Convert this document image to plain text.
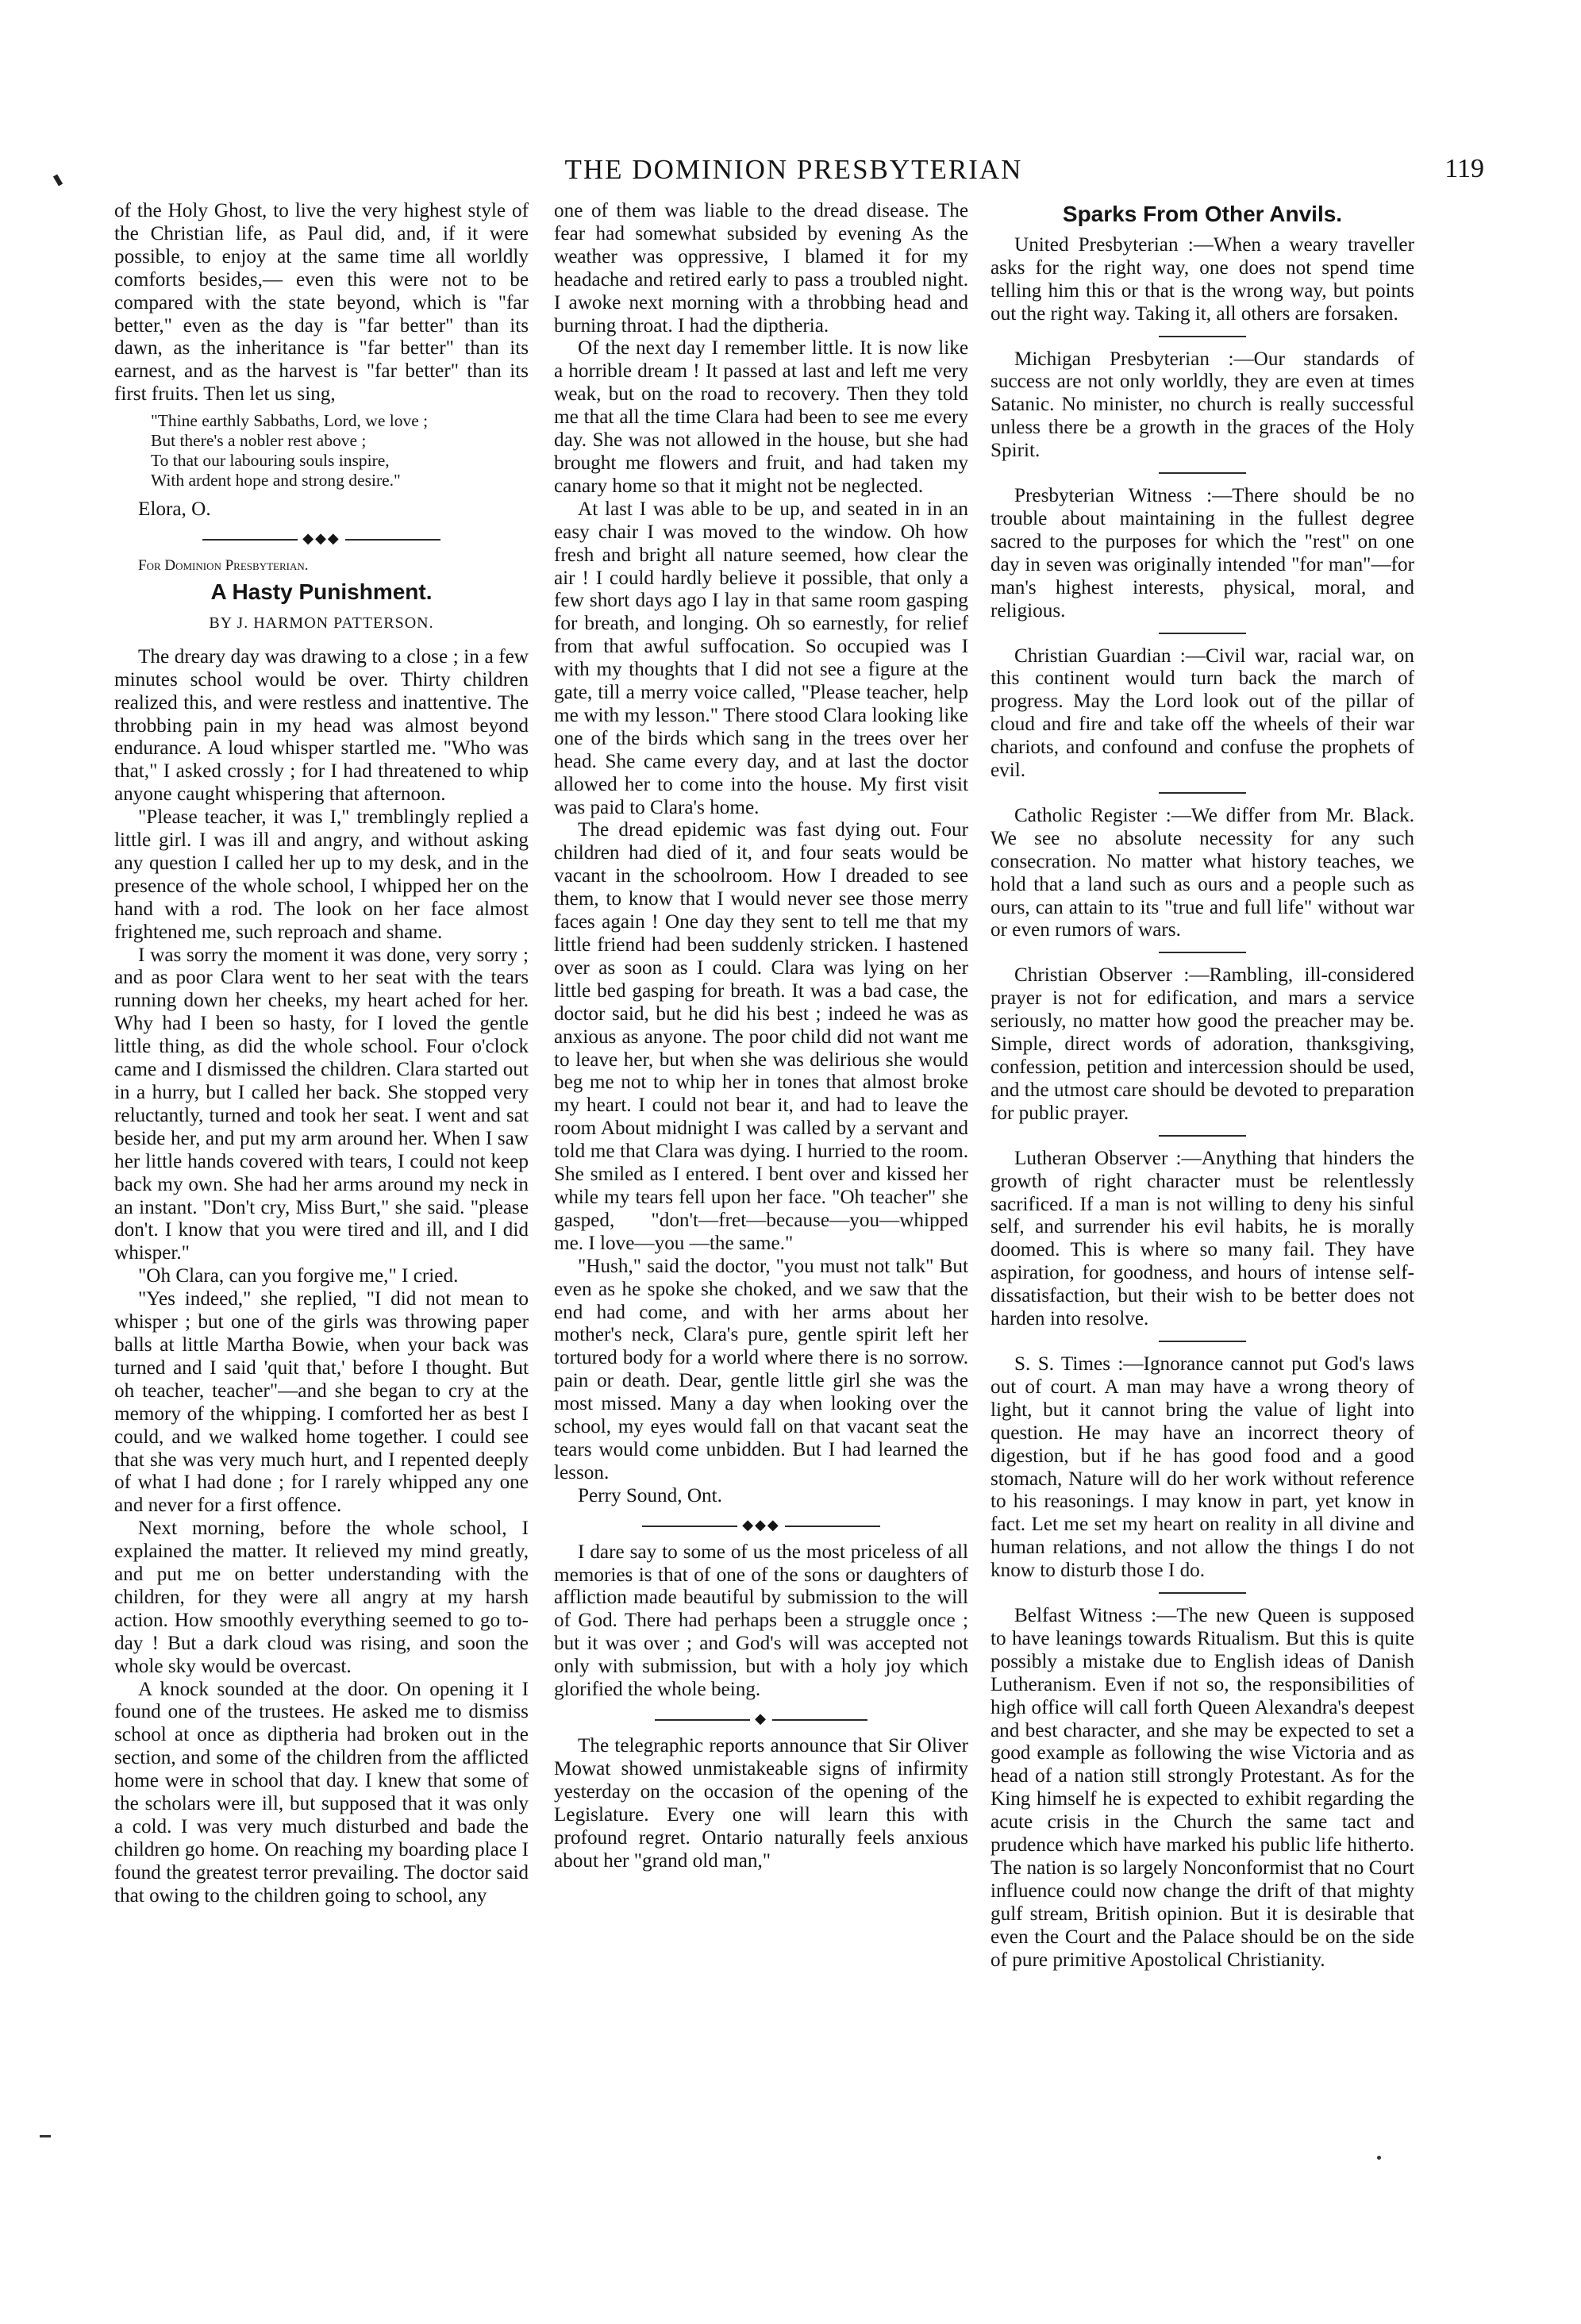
THE DOMINION PRESBYTERIAN	119

of the Holy Ghost, to live the very highest style of the Christian life, as Paul did, and, if it were possible, to enjoy at the same time all worldly comforts besides,— even this were not to be compared with the state beyond, which is "far better," even as the day is "far better" than its dawn, as the inheritance is "far better" than its earnest, and as the harvest is "far better" than its first fruits. Then let us sing,

"Thine earthly Sabbaths, Lord, we love ;
But there's a nobler rest above ;
To that our labouring souls inspire,
With ardent hope and strong desire."

Elora, O.

◆◆◆

For Dominion Presbyterian.

A Hasty Punishment.
BY J. HARMON PATTERSON.

The dreary day was drawing to a close ; in a few minutes school would be over. Thirty children realized this, and were restless and inattentive. The throbbing pain in my head was almost beyond endurance. A loud whisper startled me. "Who was that," I asked crossly ; for I had threatened to whip anyone caught whispering that afternoon.

"Please teacher, it was I," tremblingly replied a little girl. I was ill and angry, and without asking any question I called her up to my desk, and in the presence of the whole school, I whipped her on the hand with a rod. The look on her face almost frightened me, such reproach and shame.

I was sorry the moment it was done, very sorry ; and as poor Clara went to her seat with the tears running down her cheeks, my heart ached for her. Why had I been so hasty, for I loved the gentle little thing, as did the whole school. Four o'clock came and I dismissed the children. Clara started out in a hurry, but I called her back. She stopped very reluctantly, turned and took her seat. I went and sat beside her, and put my arm around her. When I saw her little hands covered with tears, I could not keep back my own. She had her arms around my neck in an instant. "Don't cry, Miss Burt," she said. "please don't. I know that you were tired and ill, and I did whisper."

"Oh Clara, can you forgive me," I cried.

"Yes indeed," she replied, "I did not mean to whisper ; but one of the girls was throwing paper balls at little Martha Bowie, when your back was turned and I said 'quit that,' before I thought. But oh teacher, teacher"—and she began to cry at the memory of the whipping. I comforted her as best I could, and we walked home together. I could see that she was very much hurt, and I repented deeply of what I had done ; for I rarely whipped any one and never for a first offence.

Next morning, before the whole school, I explained the matter. It relieved my mind greatly, and put me on better understanding with the children, for they were all angry at my harsh action. How smoothly everything seemed to go to-day ! But a dark cloud was rising, and soon the whole sky would be overcast.

A knock sounded at the door. On opening it I found one of the trustees. He asked me to dismiss school at once as diptheria had broken out in the section, and some of the children from the afflicted home were in school that day. I knew that some of the scholars were ill, but supposed that it was only a cold. I was very much disturbed and bade the children go home. On reaching my boarding place I found the greatest terror prevailing. The doctor said that owing to the children going to school, any

one of them was liable to the dread disease. The fear had somewhat subsided by evening As the weather was oppressive, I blamed it for my headache and retired early to pass a troubled night. I awoke next morning with a throbbing head and burning throat. I had the diptheria.

Of the next day I remember little. It is now like a horrible dream ! It passed at last and left me very weak, but on the road to recovery. Then they told me that all the time Clara had been to see me every day. She was not allowed in the house, but she had brought me flowers and fruit, and had taken my canary home so that it might not be neglected.

At last I was able to be up, and seated in in an easy chair I was moved to the window. Oh how fresh and bright all nature seemed, how clear the air ! I could hardly believe it possible, that only a few short days ago I lay in that same room gasping for breath, and longing. Oh so earnestly, for relief from that awful suffocation. So occupied was I with my thoughts that I did not see a figure at the gate, till a merry voice called, "Please teacher, help me with my lesson." There stood Clara looking like one of the birds which sang in the trees over her head. She came every day, and at last the doctor allowed her to come into the house. My first visit was paid to Clara's home.

The dread epidemic was fast dying out. Four children had died of it, and four seats would be vacant in the schoolroom. How I dreaded to see them, to know that I would never see those merry faces again ! One day they sent to tell me that my little friend had been suddenly stricken. I hastened over as soon as I could. Clara was lying on her little bed gasping for breath. It was a bad case, the doctor said, but he did his best ; indeed he was as anxious as anyone. The poor child did not want me to leave her, but when she was delirious she would beg me not to whip her in tones that almost broke my heart. I could not bear it, and had to leave the room About midnight I was called by a servant and told me that Clara was dying. I hurried to the room. She smiled as I entered. I bent over and kissed her while my tears fell upon her face. "Oh teacher" she gasped, "don't—fret—because—you—whipped me. I love—you —the same."

"Hush," said the doctor, "you must not talk" But even as he spoke she choked, and we saw that the end had come, and with her arms about her mother's neck, Clara's pure, gentle spirit left her tortured body for a world where there is no sorrow. pain or death. Dear, gentle little girl she was the most missed. Many a day when looking over the school, my eyes would fall on that vacant seat the tears would come unbidden. But I had learned the lesson.

Perry Sound, Ont.

◆◆◆

I dare say to some of us the most priceless of all memories is that of one of the sons or daughters of affliction made beautiful by submission to the will of God. There had perhaps been a struggle once ; but it was over ; and God's will was accepted not only with submission, but with a holy joy which glorified the whole being.

◆

The telegraphic reports announce that Sir Oliver Mowat showed unmistakeable signs of infirmity yesterday on the occasion of the opening of the Legislature. Every one will learn this with profound regret. Ontario naturally feels anxious about her "grand old man,"

Sparks From Other Anvils.

United Presbyterian :—When a weary traveller asks for the right way, one does not spend time telling him this or that is the wrong way, but points out the right way. Taking it, all others are forsaken.

Michigan Presbyterian :—Our standards of success are not only worldly, they are even at times Satanic. No minister, no church is really successful unless there be a growth in the graces of the Holy Spirit.

Presbyterian Witness :—There should be no trouble about maintaining in the fullest degree sacred to the purposes for which the "rest" on one day in seven was originally intended "for man"—for man's highest interests, physical, moral, and religious.

Christian Guardian :—Civil war, racial war, on this continent would turn back the march of progress. May the Lord look out of the pillar of cloud and fire and take off the wheels of their war chariots, and confound and confuse the prophets of evil.

Catholic Register :—We differ from Mr. Black. We see no absolute necessity for any such consecration. No matter what history teaches, we hold that a land such as ours and a people such as ours, can attain to its "true and full life" without war or even rumors of wars.

Christian Observer :—Rambling, ill-considered prayer is not for edification, and mars a service seriously, no matter how good the preacher may be. Simple, direct words of adoration, thanksgiving, confession, petition and intercession should be used, and the utmost care should be devoted to preparation for public prayer.

Lutheran Observer :—Anything that hinders the growth of right character must be relentlessly sacrificed. If a man is not willing to deny his sinful self, and surrender his evil habits, he is morally doomed. This is where so many fail. They have aspiration, for goodness, and hours of intense self-dissatisfaction, but their wish to be better does not harden into resolve.

S. S. Times :—Ignorance cannot put God's laws out of court. A man may have a wrong theory of light, but it cannot bring the value of light into question. He may have an incorrect theory of digestion, but if he has good food and a good stomach, Nature will do her work without reference to his reasonings. I may know in part, yet know in fact. Let me set my heart on reality in all divine and human relations, and not allow the things I do not know to disturb those I do.

Belfast Witness :—The new Queen is supposed to have leanings towards Ritualism. But this is quite possibly a mistake due to English ideas of Danish Lutheranism. Even if not so, the responsibilities of high office will call forth Queen Alexandra's deepest and best character, and she may be expected to set a good example as following the wise Victoria and as head of a nation still strongly Protestant. As for the King himself he is expected to exhibit regarding the acute crisis in the Church the same tact and prudence which have marked his public life hitherto. The nation is so largely Nonconformist that no Court influence could now change the drift of that mighty gulf stream, British opinion. But it is desirable that even the Court and the Palace should be on the side of pure primitive Apostolical Christianity.
